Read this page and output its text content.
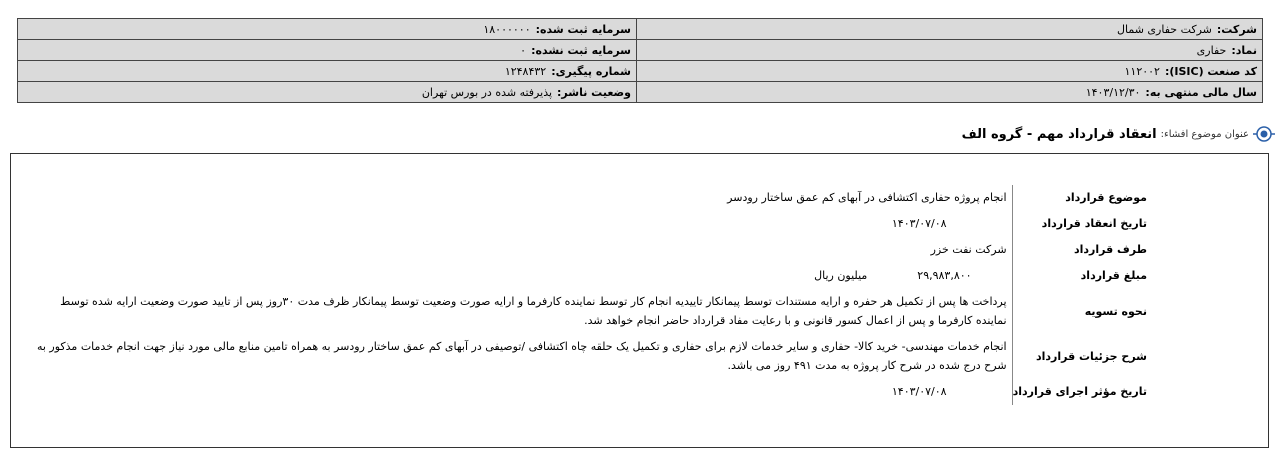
شرکت:شرکت حفاری شمال	سرمایه ثبت شده:۱۸۰۰۰۰۰۰
نماد:حفاری	سرمایه ثبت نشده:۰
کد صنعت (ISIC):۱۱۲۰۰۲	شماره پیگیری:۱۲۴۸۴۳۲
سال مالی منتهی به:۱۴۰۳/۱۲/۳۰	وضعیت ناشر:پذیرفته شده در بورس تهران
عنوان موضوع افشاء:
انعقاد قرارداد مهم - گروه الف
موضوع قرارداد	انجام پروژه حفاری اکتشافی در آبهای کم عمق ساختار رودسر
تاریخ انعقاد قرارداد	۱۴۰۳/۰۷/۰۸
طرف قرارداد	شرکت نفت خزر
مبلغ قرارداد	۲۹,۹۸۳,۸۰۰میلیون ریال
نحوه تسویه	پرداخت ها پس از تکمیل هر حفره و ارایه مستندات توسط پیمانکار تاییدیه انجام کار توسط نماینده کارفرما و ارایه صورت وضعیت توسط پیمانکار ظرف مدت ۳۰روز پس از تایید صورت وضعیت ارایه شده توسط نماینده کارفرما و پس از اعمال کسور قانونی و با رعایت مفاد قرارداد حاضر انجام خواهد شد.
شرح جزئیات قرارداد	انجام خدمات مهندسی- خرید کالا- حفاری و سایر خدمات لازم برای حفاری و تکمیل یک حلقه چاه اکتشافی /توصیفی در آبهای کم عمق ساختار رودسر به همراه تامین منابع مالی مورد نیاز جهت انجام خدمات مذکور به شرح درج شده در شرح کار پروژه به مدت ۴۹۱ روز می باشد.
تاریخ مؤثر اجرای قرارداد	۱۴۰۳/۰۷/۰۸
